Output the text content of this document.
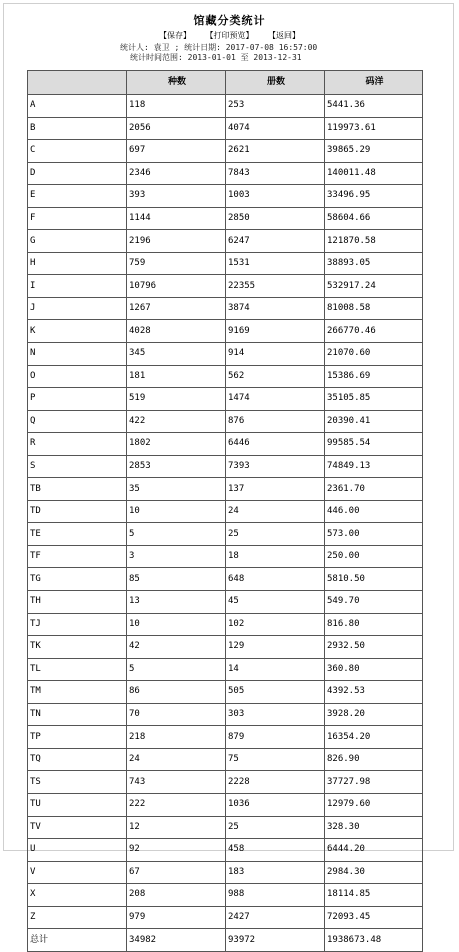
馆藏分类统计
【保存】 【打印预览】 【返回】
统计人: 袁卫 ; 统计日期: 2017-07-08 16:57:00
统计时间范围: 2013-01-01 至 2013-12-31
	种数	册数	码洋
A	118	253	5441.36
B	2056	4074	119973.61
C	697	2621	39865.29
D	2346	7843	140011.48
E	393	1003	33496.95
F	1144	2850	58604.66
G	2196	6247	121870.58
H	759	1531	38893.05
I	10796	22355	532917.24
J	1267	3874	81008.58
K	4028	9169	266770.46
N	345	914	21070.60
O	181	562	15386.69
P	519	1474	35105.85
Q	422	876	20390.41
R	1802	6446	99585.54
S	2853	7393	74849.13
TB	35	137	2361.70
TD	10	24	446.00
TE	5	25	573.00
TF	3	18	250.00
TG	85	648	5810.50
TH	13	45	549.70
TJ	10	102	816.80
TK	42	129	2932.50
TL	5	14	360.80
TM	86	505	4392.53
TN	70	303	3928.20
TP	218	879	16354.20
TQ	24	75	826.90
TS	743	2228	37727.98
TU	222	1036	12979.60
TV	12	25	328.30
U	92	458	6444.20
V	67	183	2984.30
X	208	988	18114.85
Z	979	2427	72093.45
总计	34982	93972	1938673.48
